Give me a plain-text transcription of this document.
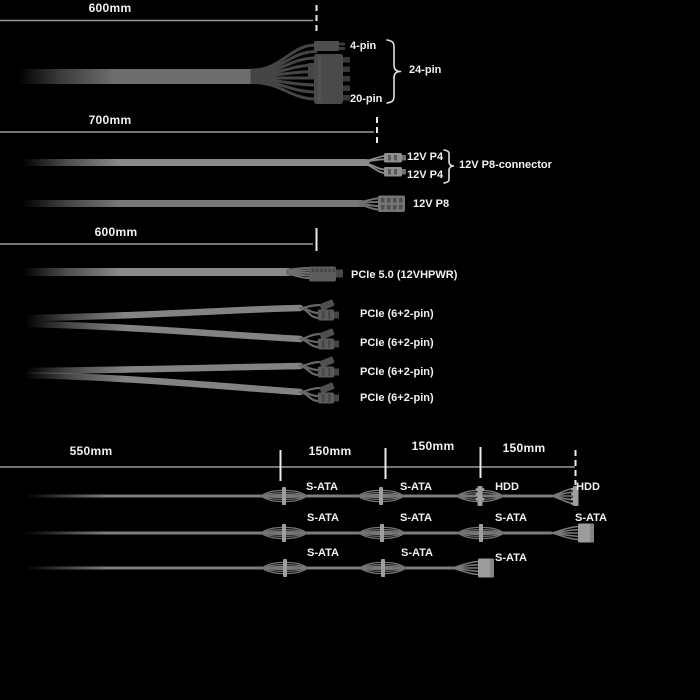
600mm
4-pin
20-pin
24-pin
700mm
12V P4
12V P4
12V P8-connector
12V P8
600mm
PCIe 5.0 (12VHPWR)
PCIe (6+2-pin)
PCIe (6+2-pin)
PCIe (6+2-pin)
PCIe (6+2-pin)
550mm	150mm	150mm	150mm
S-ATA	S-ATA	HDD	HDD
S-ATA	S-ATA	S-ATA	S-ATA
S-ATA	S-ATA	S-ATA
